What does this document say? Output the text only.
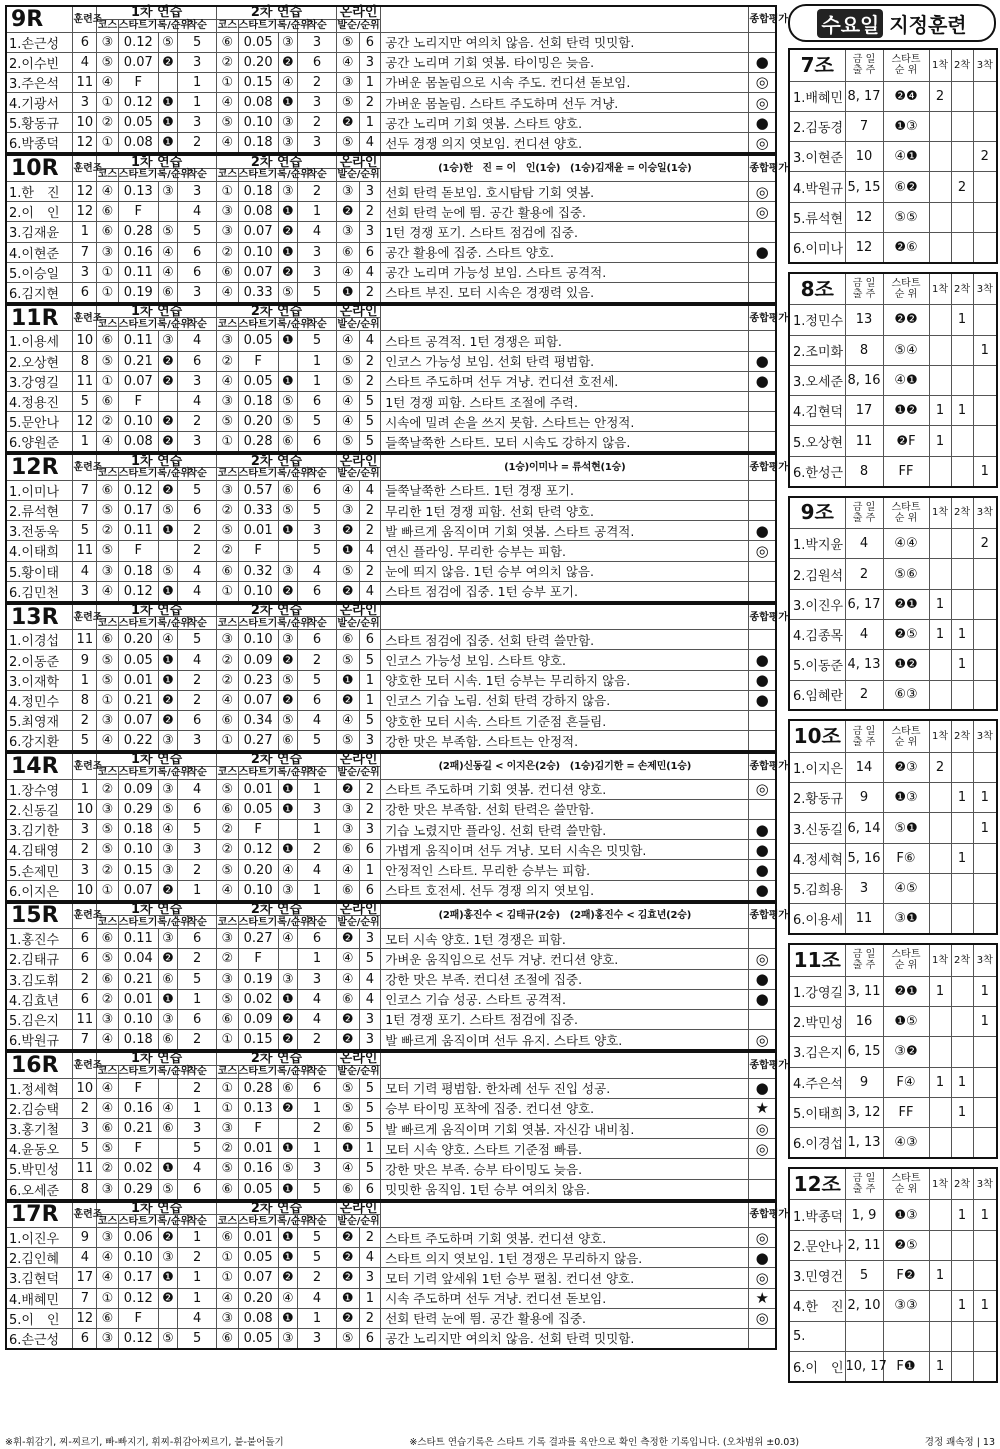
9R	훈련조	1차 연습				2차 연습				온라인			종합평가
		코스	스타트기록/순위		착순	코스	스타트기록/순위		착순	발순/순위			
1.손근성	6	③	0.12	⑤	5	⑥	0.05	③	3	⑤	6	공간 노리지만 여의치 않음. 선회 탄력 밋밋함.	
2.이수빈	4	⑤	0.07	❷	3	②	0.20	❷	6	④	3	공간 노리며 기회 엿봄. 타이밍은 늦음.	●
3.주은석	11	④	F		1	①	0.15	④	2	③	1	가벼운 몸놀림으로 시속 주도. 컨디션 돋보임.	◎
4.기광서	3	①	0.12	❶	1	④	0.08	❶	3	⑤	2	가벼운 몸놀림. 스타트 주도하며 선두 겨냥.	◎
5.황동규	10	②	0.05	❶	3	⑤	0.10	③	2	❷	1	공간 노리며 기회 엿봄. 스타트 양호.	●
6.박종덕	12	①	0.08	❶	2	④	0.18	③	3	⑤	4	선두 경쟁 의지 엿보임. 컨디션 양호.	◎
10R	훈련조	1차 연습				2차 연습				온라인		(1승)한　진 = 이　인(1승)　(1승)김재윤 = 이승일(1승)	종합평가
		코스	스타트기록/순위		착순	코스	스타트기록/순위		착순	발순/순위			
1.한　진	12	④	0.13	③	3	①	0.18	③	2	③	3	선회 탄력 돋보임. 호시탐탐 기회 엿봄.	◎
2.이　인	12	⑥	F		4	③	0.08	❶	1	❷	2	선회 탄력 눈에 띔. 공간 활용에 집중.	◎
3.김재윤	1	⑥	0.28	⑤	5	③	0.07	❷	4	③	3	1턴 경쟁 포기. 스타트 점검에 집중.	
4.이현준	7	③	0.16	④	6	②	0.10	❶	3	⑥	6	공간 활용에 집중. 스타트 양호.	●
5.이승일	3	①	0.11	④	6	⑥	0.07	❷	3	④	4	공간 노리며 가능성 보임. 스타트 공격적.	
6.김지현	6	①	0.19	⑥	3	④	0.33	⑤	5	❶	2	스타트 부진. 모터 시속은 경쟁력 있음.	
11R	훈련조	1차 연습				2차 연습				온라인			종합평가
		코스	스타트기록/순위		착순	코스	스타트기록/순위		착순	발순/순위			
1.이용세	10	⑥	0.11	③	4	③	0.05	❶	5	④	4	스타트 공격적. 1턴 경쟁은 피함.	
2.오상현	8	⑤	0.21	❷	6	②	F		1	⑤	2	인코스 가능성 보임. 선회 탄력 평범함.	●
3.강영길	11	①	0.07	❷	3	④	0.05	❶	1	⑤	2	스타트 주도하며 선두 겨냥. 컨디션 호전세.	●
4.정용진	5	⑥	F		4	③	0.18	⑤	6	④	5	1턴 경쟁 피함. 스타트 조절에 주력.	
5.문안나	12	②	0.10	❷	2	⑤	0.20	⑤	5	④	5	시속에 밀려 손을 쓰지 못함. 스타트는 안정적.	
6.양원준	1	④	0.08	❷	3	①	0.28	⑥	6	⑤	5	들쭉날쭉한 스타트. 모터 시속도 강하지 않음.	
12R	훈련조	1차 연습				2차 연습				온라인		(1승)이미나 = 류석현(1승)	종합평가
		코스	스타트기록/순위		착순	코스	스타트기록/순위		착순	발순/순위			
1.이미나	7	⑥	0.12	❷	5	③	0.57	⑥	6	④	4	들쭉날쭉한 스타트. 1턴 경쟁 포기.	
2.류석현	7	⑤	0.17	⑤	6	②	0.33	⑤	5	③	2	무리한 1턴 경쟁 피함. 선회 탄력 양호.	
3.전동욱	5	②	0.11	❶	2	⑤	0.01	❶	3	❷	2	발 빠르게 움직이며 기회 엿봄. 스타트 공격적.	●
4.이태희	11	⑤	F		2	②	F		5	❶	4	연신 플라잉. 무리한 승부는 피함.	◎
5.황이태	4	③	0.18	⑤	4	⑥	0.32	③	4	⑤	2	눈에 띄지 않음. 1턴 승부 여의치 않음.	
6.김민천	3	④	0.12	❶	4	①	0.10	❷	6	❷	4	스타트 점검에 집중. 1턴 승부 포기.	
13R	훈련조	1차 연습				2차 연습				온라인			종합평가
		코스	스타트기록/순위		착순	코스	스타트기록/순위		착순	발순/순위			
1.이경섭	11	⑥	0.20	④	5	③	0.10	③	6	⑥	6	스타트 점검에 집중. 선회 탄력 쓸만함.	
2.이동준	9	⑤	0.05	❶	4	②	0.09	❷	2	⑤	5	인코스 가능성 보임. 스타트 양호.	●
3.이재학	1	⑤	0.01	❶	2	②	0.23	⑤	5	❶	1	양호한 모터 시속. 1턴 승부는 무리하지 않음.	●
4.정민수	8	①	0.21	❷	2	④	0.07	❷	6	❷	1	인코스 기습 노림. 선회 탄력 강하지 않음.	●
5.최영재	2	③	0.07	❷	6	⑥	0.34	⑤	4	④	5	양호한 모터 시속. 스타트 기준점 흔들림.	
6.강지환	5	④	0.22	③	3	①	0.27	⑥	5	⑤	3	강한 맛은 부족함. 스타트는 안정적.	
14R	훈련조	1차 연습				2차 연습				온라인		(2패)신동길 < 이지은(2승)　(1승)김기한 = 손제민(1승)	종합평가
		코스	스타트기록/순위		착순	코스	스타트기록/순위		착순	발순/순위			
1.장수영	1	②	0.09	③	4	⑤	0.01	❶	1	❷	2	스타트 주도하며 기회 엿봄. 컨디션 양호.	◎
2.신동길	10	③	0.29	⑤	6	⑥	0.05	❶	3	③	2	강한 맛은 부족함. 선회 탄력은 쓸만함.	
3.김기한	3	⑤	0.18	④	5	②	F		1	③	3	기습 노렸지만 플라잉. 선회 탄력 쓸만함.	●
4.김태영	2	⑤	0.10	③	3	②	0.12	❶	2	⑥	6	가볍게 움직이며 선두 겨냥. 모터 시속은 밋밋함.	●
5.손제민	3	②	0.15	③	2	⑤	0.20	④	4	④	1	안정적인 스타트. 무리한 승부는 피함.	●
6.이지은	10	①	0.07	❷	1	④	0.10	③	1	⑥	6	스타트 호전세. 선두 경쟁 의지 엿보임.	●
15R	훈련조	1차 연습				2차 연습				온라인		(2패)홍진수 < 김태규(2승)　(2패)홍진수 < 김효년(2승)	종합평가
		코스	스타트기록/순위		착순	코스	스타트기록/순위		착순	발순/순위			
1.홍진수	6	⑥	0.11	③	6	③	0.27	④	6	❷	3	모터 시속 양호. 1턴 경쟁은 피함.	
2.김태규	6	⑤	0.04	❷	2	②	F		1	④	5	가벼운 움직임으로 선두 겨냥. 컨디션 양호.	◎
3.김도휘	2	⑥	0.21	⑥	5	③	0.19	③	3	④	4	강한 맛은 부족. 컨디션 조절에 집중.	●
4.김효년	6	②	0.01	❶	1	⑤	0.02	❶	4	⑥	4	인코스 기습 성공. 스타트 공격적.	●
5.김은지	11	③	0.10	③	6	⑥	0.09	❷	4	❷	3	1턴 경쟁 포기. 스타트 점검에 집중.	
6.박원규	7	④	0.18	⑥	2	①	0.15	❷	2	❷	3	발 빠르게 움직이며 선두 유지. 스타트 양호.	◎
16R	훈련조	1차 연습				2차 연습				온라인			종합평가
		코스	스타트기록/순위		착순	코스	스타트기록/순위		착순	발순/순위			
1.정세혁	10	④	F		2	①	0.28	⑥	6	⑤	5	모터 기력 평범함. 한차례 선두 진입 성공.	●
2.김승택	2	④	0.16	④	1	①	0.13	❷	1	⑤	5	승부 타이밍 포착에 집중. 컨디션 양호.	★
3.홍기철	3	⑥	0.21	⑥	3	③	F		2	⑥	5	발 빠르게 움직이며 기회 엿봄. 자신감 내비침.	◎
4.윤동오	5	⑤	F		5	②	0.01	❶	1	❶	1	모터 시속 양호. 스타트 기준점 빠름.	◎
5.박민성	11	②	0.02	❶	4	⑤	0.16	⑤	3	④	5	강한 맛은 부족. 승부 타이밍도 늦음.	
6.오세준	8	③	0.29	⑤	6	⑥	0.05	❶	5	⑥	6	밋밋한 움직임. 1턴 승부 여의치 않음.	
17R	훈련조	1차 연습				2차 연습				온라인			종합평가
		코스	스타트기록/순위		착순	코스	스타트기록/순위		착순	발순/순위			
1.이진우	9	③	0.06	❷	1	⑥	0.01	❶	5	❷	2	스타트 주도하며 기회 엿봄. 컨디션 양호.	◎
2.김인혜	4	④	0.10	③	2	①	0.05	❶	5	❷	4	스타트 의지 엿보임. 1턴 경쟁은 무리하지 않음.	●
3.김현덕	17	④	0.17	❶	1	①	0.07	❷	2	❷	3	모터 기력 앞세워 1턴 승부 펼침. 컨디션 양호.	◎
4.배혜민	7	①	0.12	❷	1	④	0.20	④	4	❶	1	시속 주도하며 선두 겨냥. 컨디션 돋보임.	★
5.이　인	12	⑥	F		4	③	0.08	❶	1	❷	2	선회 탄력 눈에 띔. 공간 활용에 집중.	◎
6.손근성	6	③	0.12	⑤	5	⑥	0.05	③	3	⑤	6	공간 노리지만 여의치 않음. 선회 탄력 밋밋함.	
수요일 지정훈련
7조	금 일
출 주	스타트
순 위	1착	2착	3착
1.배혜민	8, 17	❷❹	2		
2.김동경	7	❶③			
3.이현준	10	④❶			2
4.박원규	5, 15	⑥❷		2	
5.류석현	12	⑤⑤			
6.이미나	12	❷⑥			
8조	금 일
출 주	스타트
순 위	1착	2착	3착
1.정민수	13	❷❷		1	
2.조미화	8	⑤④			1
3.오세준	8, 16	④❶			
4.김현덕	17	❶❷	1	1	
5.오상현	11	❷F	1		
6.한성근	8	FF			1
9조	금 일
출 주	스타트
순 위	1착	2착	3착
1.박지윤	4	④④			2
2.김원석	2	⑤⑥			
3.이진우	6, 17	❷❶	1		
4.김종목	4	❷⑤	1	1	
5.이동준	4, 13	❶❷		1	
6.임혜란	2	⑥③			
10조	금 일
출 주	스타트
순 위	1착	2착	3착
1.이지은	14	❷③	2		
2.황동규	9	❶③		1	1
3.신동길	6, 14	⑤❶			1
4.정세혁	5, 16	F⑥		1	
5.김희용	3	④⑤			
6.이용세	11	③❶			
11조	금 일
출 주	스타트
순 위	1착	2착	3착
1.강영길	3, 11	❷❶	1		1
2.박민성	16	❶⑤			1
3.김은지	6, 15	③❷			
4.주은석	9	F④	1	1	
5.이태희	3, 12	FF		1	
6.이경섭	1, 13	④③			
12조	금 일
출 주	스타트
순 위	1착	2착	3착
1.박종덕	1, 9	❶③		1	1
2.문안나	2, 11	❷⑤			
3.민영건	5	F❷	1		
4.한　진	2, 10	③③		1	1
5.					
6.이　인	10, 17	F❶	1		
※휘-휘감기, 찌-찌르기, 빠-빠지기, 휘찌-휘감아찌르기, 붙-붙어돌기	※스타트 연습기록은 스타트 기록 결과를 육안으로 확인 측정한 기록입니다. (오차범위 ±0.03)	경정 쾌속정 | 13
